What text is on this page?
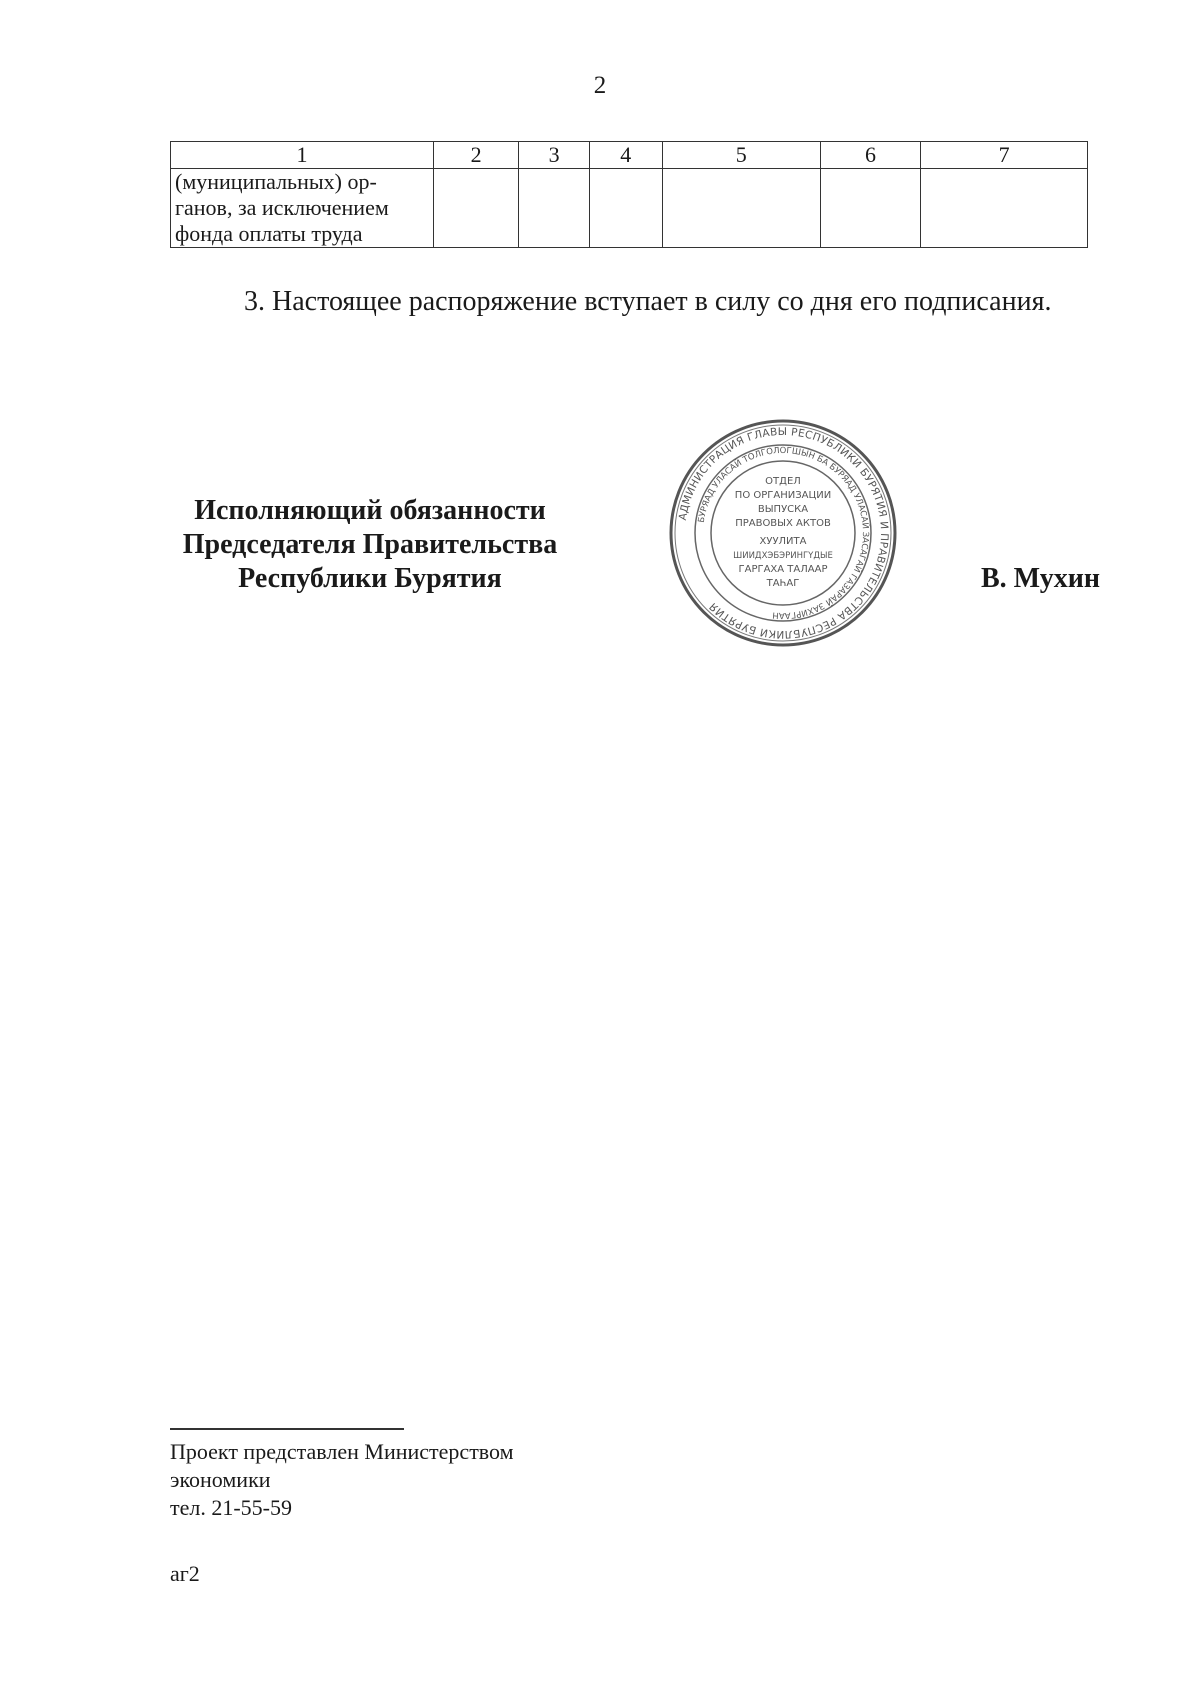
2
1	2	3	4	5	6	7
(муниципальных) ор-
ганов, за исключением
фонда оплаты труда						
3. Настоящее распоряжение вступает в силу со дня его подписания.
Исполняющий обязанности
Председателя Правительства
Республики Бурятия
АДМИНИСТРАЦИЯ ГЛАВЫ РЕСПУБЛИКИ БУРЯТИЯ И ПРАВИТЕЛЬСТВА РЕСПУБЛИКИ БУРЯТИЯ
БУРЯАД УЛАСАЙ ТОЛГОЛОГШЫН БА БУРЯАД УЛАСАЙ ЗАСАГАЙ ГАЗАРАЙ ЗАХИРГААН
ОТДЕЛ
ПО ОРГАНИЗАЦИИ
ВЫПУСКА
ПРАВОВЫХ АКТОВ
ХУУЛИТА
ШИИДХЭБЭРИНГҮДЫЕ
ГАРГАХА ТАЛААР
ТАҺАГ	В. Мухин
Проект представлен Министерством
экономики
тел. 21-55-59
аг2
